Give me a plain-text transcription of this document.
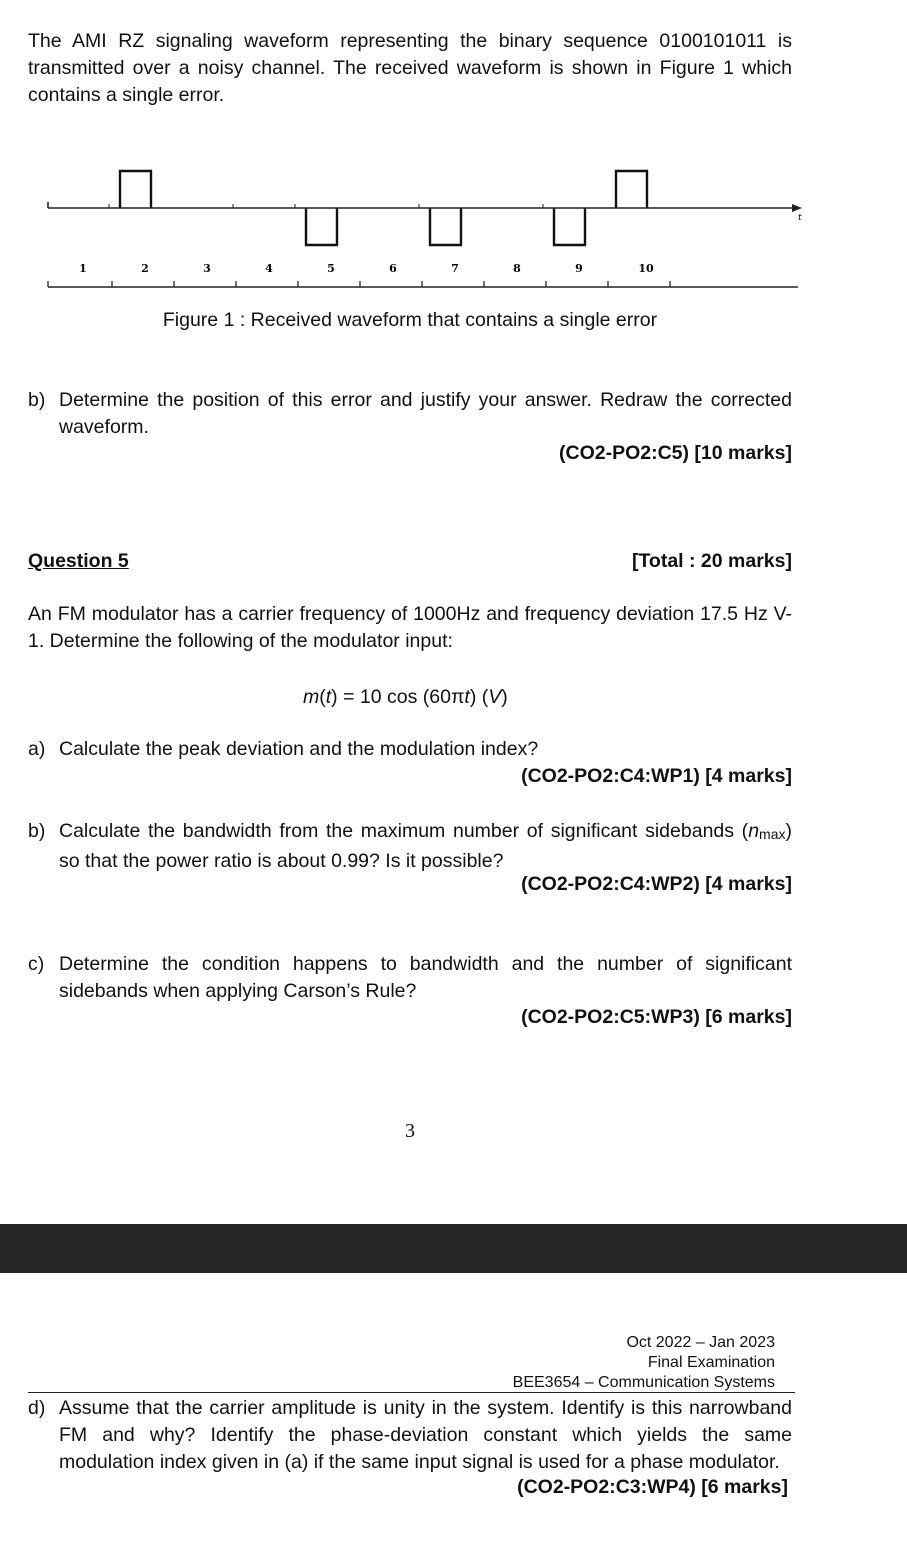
The AMI RZ signaling waveform representing the binary sequence 0100101011 is transmitted over a noisy channel. The received waveform is shown in Figure 1 which contains a single error.
t
1	2	3	4	5	6	7	8	9	10
Figure 1 : Received waveform that contains a single error
b) Determine the position of this error and justify your answer. Redraw the corrected waveform.
(CO2-PO2:C5) [10 marks]
Question 5	[Total : 20 marks]
An FM modulator has a carrier frequency of 1000Hz and frequency deviation 17.5 Hz V-1. Determine the following of the modulator input:
m(t) = 10 cos (60πt) (V)
a) Calculate the peak deviation and the modulation index?
(CO2-PO2:C4:WP1) [4 marks]
b) Calculate the bandwidth from the maximum number of significant sidebands $(n_{max})$ so that the power ratio is about 0.99? Is it possible?
(CO2-PO2:C4:WP2) [4 marks]
c) Determine the condition happens to bandwidth and the number of significant sidebands when applying Carson’s Rule?
(CO2-PO2:C5:WP3) [6 marks]
3
Oct 2022 – Jan 2023
Final Examination
BEE3654 – Communication Systems
d) Assume that the carrier amplitude is unity in the system. Identify is this narrowband FM and why? Identify the phase-deviation constant which yields the same modulation index given in (a) if the same input signal is used for a phase modulator.
(CO2-PO2:C3:WP4) [6 marks]
